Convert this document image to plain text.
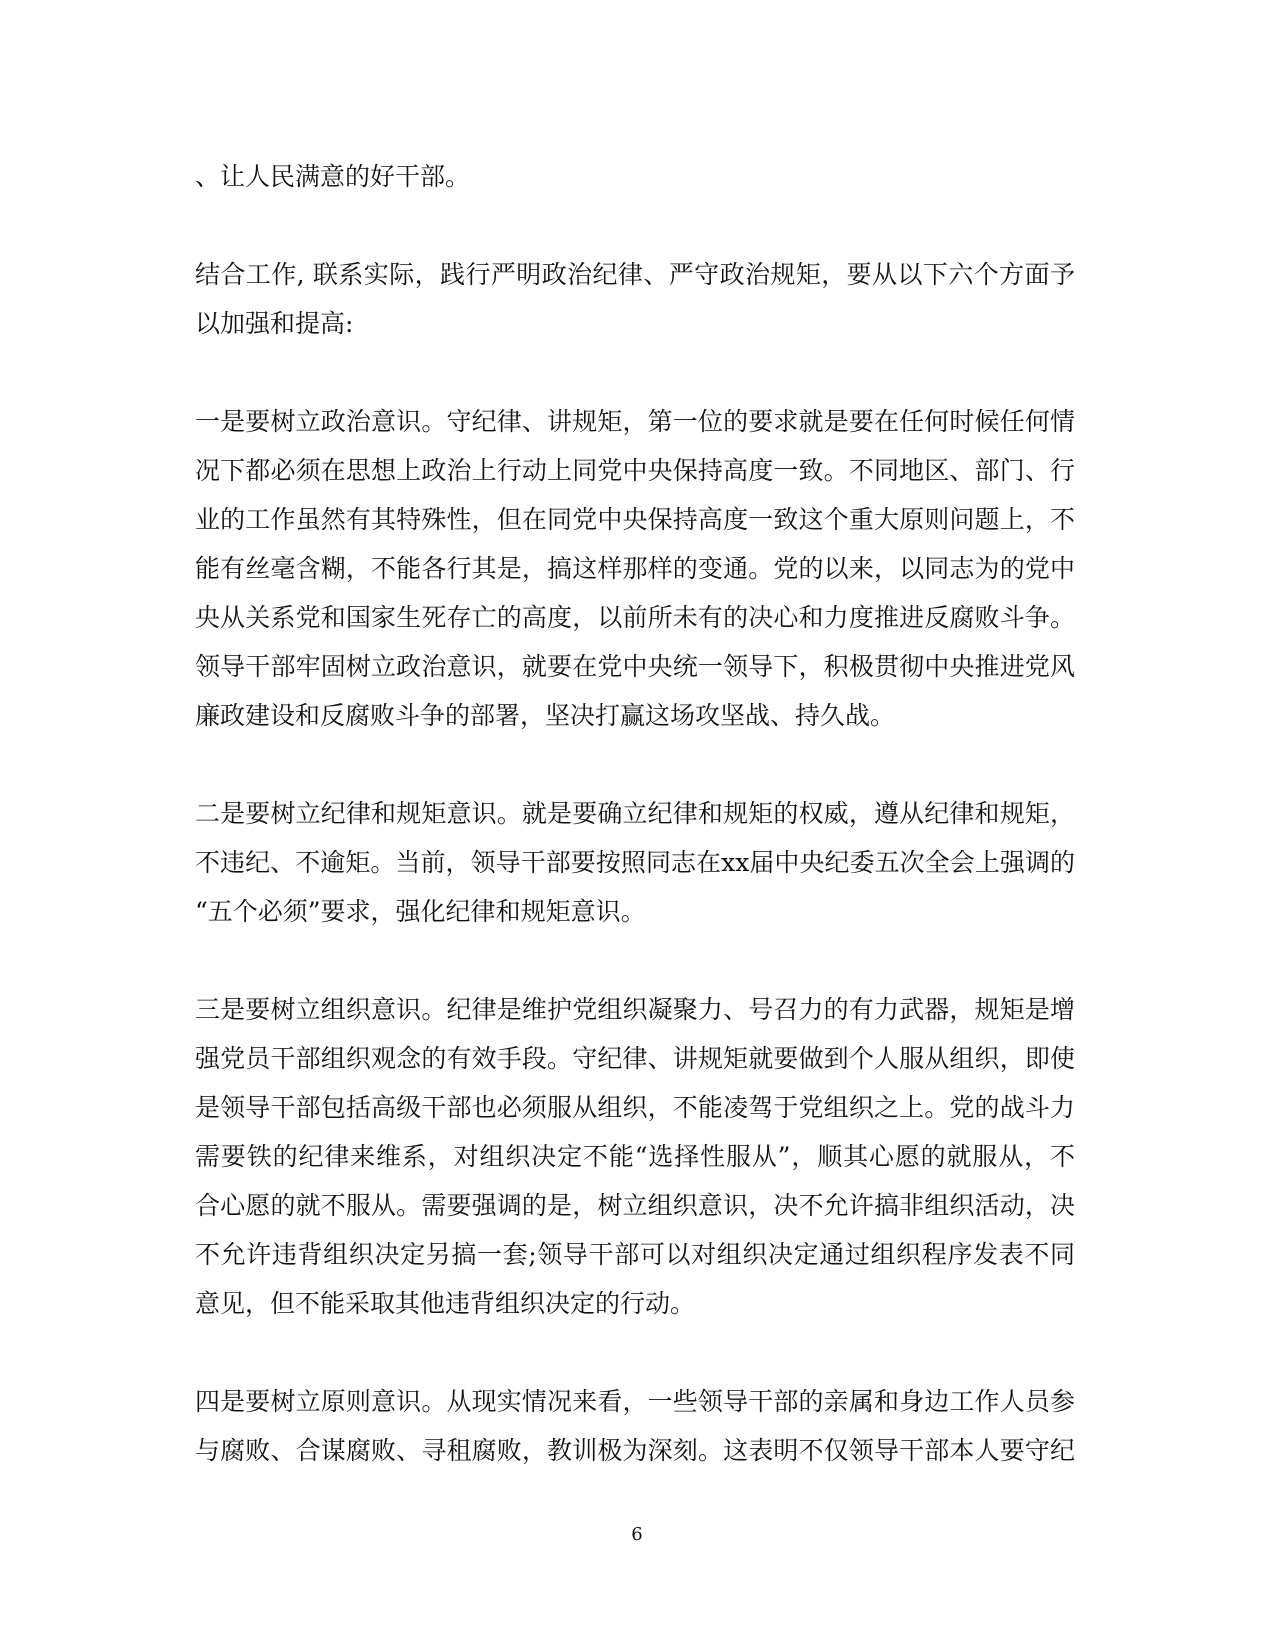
、让人民满意的好干部。
结合工作, 联系实际，践行严明政治纪律、严守政治规矩，要从以下六个方面予
以加强和提高:
一是要树立政治意识。守纪律、讲规矩，第一位的要求就是要在任何时候任何情
况下都必须在思想上政治上行动上同党中央保持高度一致。不同地区、部门、行
业的工作虽然有其特殊性，但在同党中央保持高度一致这个重大原则问题上，不
能有丝毫含糊，不能各行其是，搞这样那样的变通。党的以来，以同志为的党中
央从关系党和国家生死存亡的高度，以前所未有的决心和力度推进反腐败斗争。
领导干部牢固树立政治意识，就要在党中央统一领导下，积极贯彻中央推进党风
廉政建设和反腐败斗争的部署，坚决打赢这场攻坚战、持久战。
二是要树立纪律和规矩意识。就是要确立纪律和规矩的权威，遵从纪律和规矩，
不违纪、不逾矩。当前，领导干部要按照同志在xx届中央纪委五次全会上强调的
“五个必须”要求，强化纪律和规矩意识。
三是要树立组织意识。纪律是维护党组织凝聚力、号召力的有力武器，规矩是增
强党员干部组织观念的有效手段。守纪律、讲规矩就要做到个人服从组织，即使
是领导干部包括高级干部也必须服从组织，不能凌驾于党组织之上。党的战斗力
需要铁的纪律来维系，对组织决定不能“选择性服从”，顺其心愿的就服从，不
合心愿的就不服从。需要强调的是，树立组织意识，决不允许搞非组织活动，决
不允许违背组织决定另搞一套;领导干部可以对组织决定通过组织程序发表不同
意见，但不能采取其他违背组织决定的行动。
四是要树立原则意识。从现实情况来看，一些领导干部的亲属和身边工作人员参
与腐败、合谋腐败、寻租腐败，教训极为深刻。这表明不仅领导干部本人要守纪
6
